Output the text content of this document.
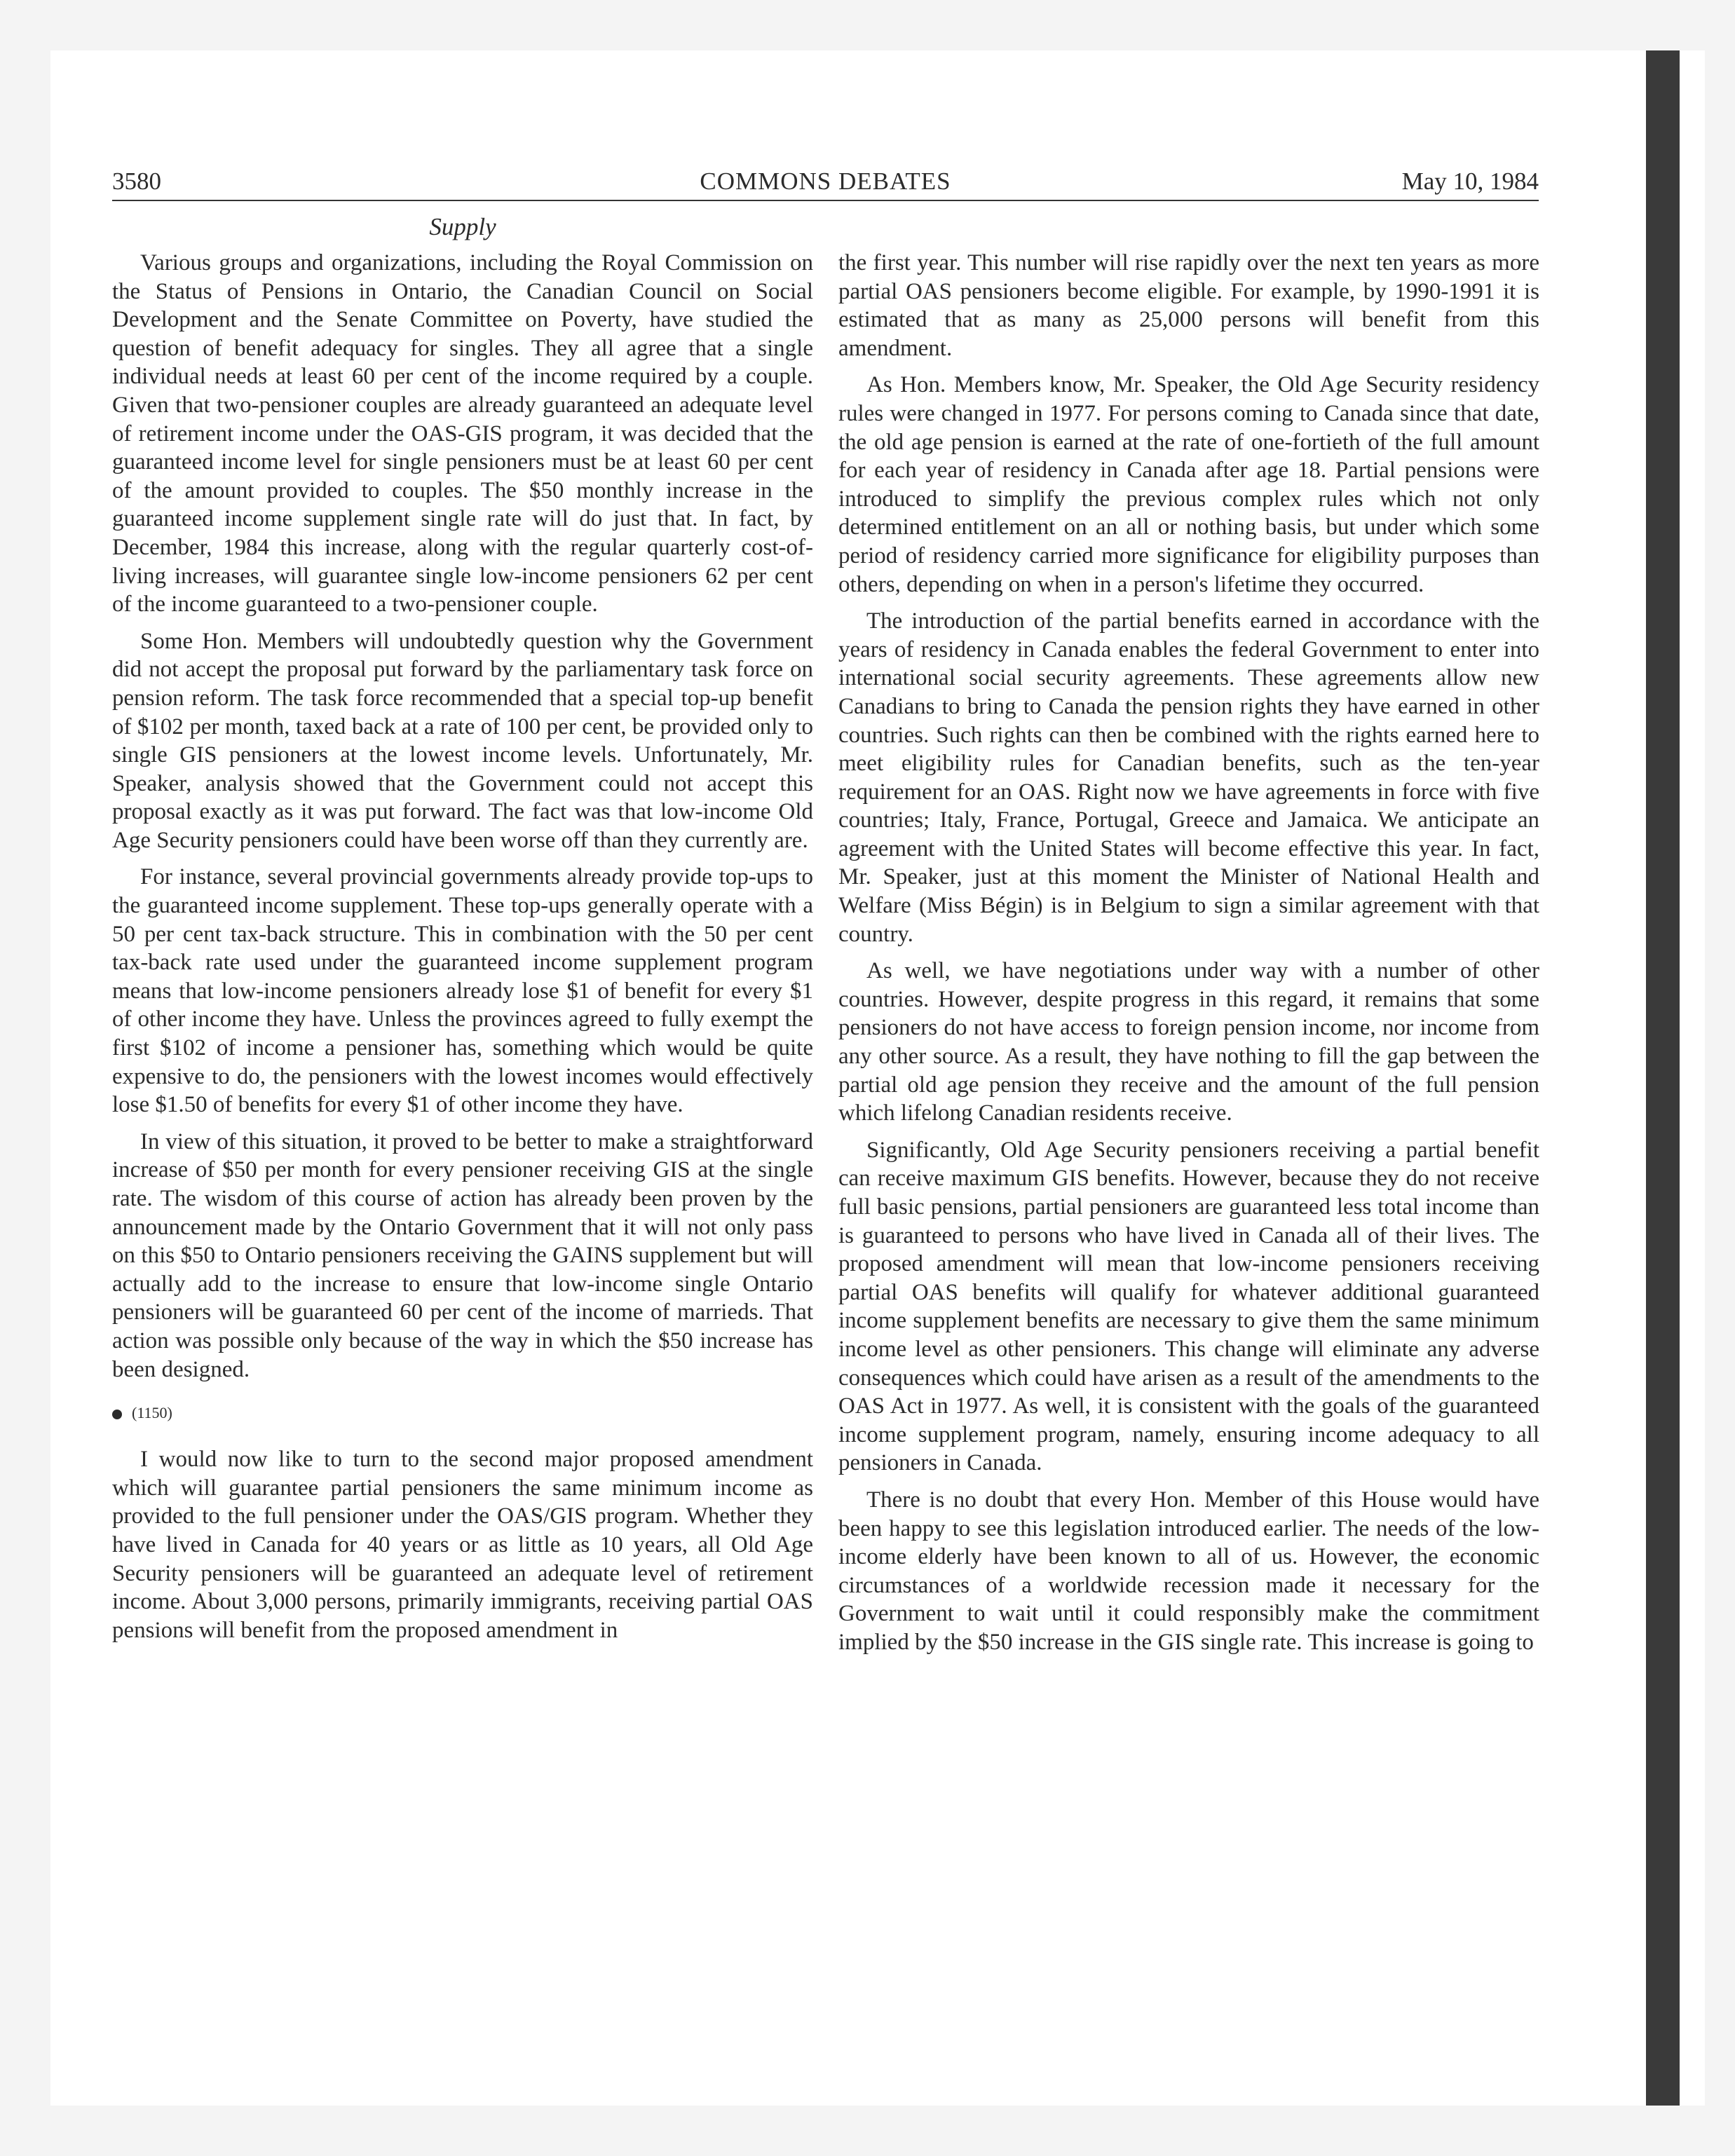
3580	COMMONS DEBATES	May 10, 1984
Supply

Various groups and organizations, including the Royal Commission on the Status of Pensions in Ontario, the Canadian Council on Social Development and the Senate Committee on Poverty, have studied the question of benefit adequacy for singles. They all agree that a single individual needs at least 60 per cent of the income required by a couple. Given that two-pensioner couples are already guaranteed an adequate level of retirement income under the OAS-GIS program, it was decided that the guaranteed income level for single pensioners must be at least 60 per cent of the amount provided to couples. The $50 monthly increase in the guaranteed income supplement single rate will do just that. In fact, by December, 1984 this increase, along with the regular quarterly cost-of-living increases, will guarantee single low-income pensioners 62 per cent of the income guaranteed to a two-pensioner couple.

Some Hon. Members will undoubtedly question why the Government did not accept the proposal put forward by the parliamentary task force on pension reform. The task force recommended that a special top-up benefit of $102 per month, taxed back at a rate of 100 per cent, be provided only to single GIS pensioners at the lowest income levels. Unfortunately, Mr. Speaker, analysis showed that the Government could not accept this proposal exactly as it was put forward. The fact was that low-income Old Age Security pensioners could have been worse off than they currently are.

For instance, several provincial governments already provide top-ups to the guaranteed income supplement. These top-ups generally operate with a 50 per cent tax-back structure. This in combination with the 50 per cent tax-back rate used under the guaranteed income supplement program means that low-income pensioners already lose $1 of benefit for every $1 of other income they have. Unless the provinces agreed to fully exempt the first $102 of income a pensioner has, something which would be quite expensive to do, the pensioners with the lowest incomes would effectively lose $1.50 of benefits for every $1 of other income they have.

In view of this situation, it proved to be better to make a straightforward increase of $50 per month for every pensioner receiving GIS at the single rate. The wisdom of this course of action has already been proven by the announcement made by the Ontario Government that it will not only pass on this $50 to Ontario pensioners receiving the GAINS supplement but will actually add to the increase to ensure that low-income single Ontario pensioners will be guaranteed 60 per cent of the income of marrieds. That action was possible only because of the way in which the $50 increase has been designed.

(1150)

I would now like to turn to the second major proposed amendment which will guarantee partial pensioners the same minimum income as provided to the full pensioner under the OAS/GIS program. Whether they have lived in Canada for 40 years or as little as 10 years, all Old Age Security pensioners will be guaranteed an adequate level of retirement income. About 3,000 persons, primarily immigrants, receiving partial OAS pensions will benefit from the proposed amendment in

the first year. This number will rise rapidly over the next ten years as more partial OAS pensioners become eligible. For example, by 1990-1991 it is estimated that as many as 25,000 persons will benefit from this amendment.

As Hon. Members know, Mr. Speaker, the Old Age Security residency rules were changed in 1977. For persons coming to Canada since that date, the old age pension is earned at the rate of one-fortieth of the full amount for each year of residency in Canada after age 18. Partial pensions were introduced to simplify the previous complex rules which not only determined entitlement on an all or nothing basis, but under which some period of residency carried more significance for eligibility purposes than others, depending on when in a person's lifetime they occurred.

The introduction of the partial benefits earned in accordance with the years of residency in Canada enables the federal Government to enter into international social security agreements. These agreements allow new Canadians to bring to Canada the pension rights they have earned in other countries. Such rights can then be combined with the rights earned here to meet eligibility rules for Canadian benefits, such as the ten-year requirement for an OAS. Right now we have agreements in force with five countries; Italy, France, Portugal, Greece and Jamaica. We anticipate an agreement with the United States will become effective this year. In fact, Mr. Speaker, just at this moment the Minister of National Health and Welfare (Miss Bégin) is in Belgium to sign a similar agreement with that country.

As well, we have negotiations under way with a number of other countries. However, despite progress in this regard, it remains that some pensioners do not have access to foreign pension income, nor income from any other source. As a result, they have nothing to fill the gap between the partial old age pension they receive and the amount of the full pension which lifelong Canadian residents receive.

Significantly, Old Age Security pensioners receiving a partial benefit can receive maximum GIS benefits. However, because they do not receive full basic pensions, partial pensioners are guaranteed less total income than is guaranteed to persons who have lived in Canada all of their lives. The proposed amendment will mean that low-income pensioners receiving partial OAS benefits will qualify for whatever additional guaranteed income supplement benefits are necessary to give them the same minimum income level as other pensioners. This change will eliminate any adverse consequences which could have arisen as a result of the amendments to the OAS Act in 1977. As well, it is consistent with the goals of the guaranteed income supplement program, namely, ensuring income adequacy to all pensioners in Canada.

There is no doubt that every Hon. Member of this House would have been happy to see this legislation introduced earlier. The needs of the low-income elderly have been known to all of us. However, the economic circumstances of a worldwide recession made it necessary for the Government to wait until it could responsibly make the commitment implied by the $50 increase in the GIS single rate. This increase is going to
